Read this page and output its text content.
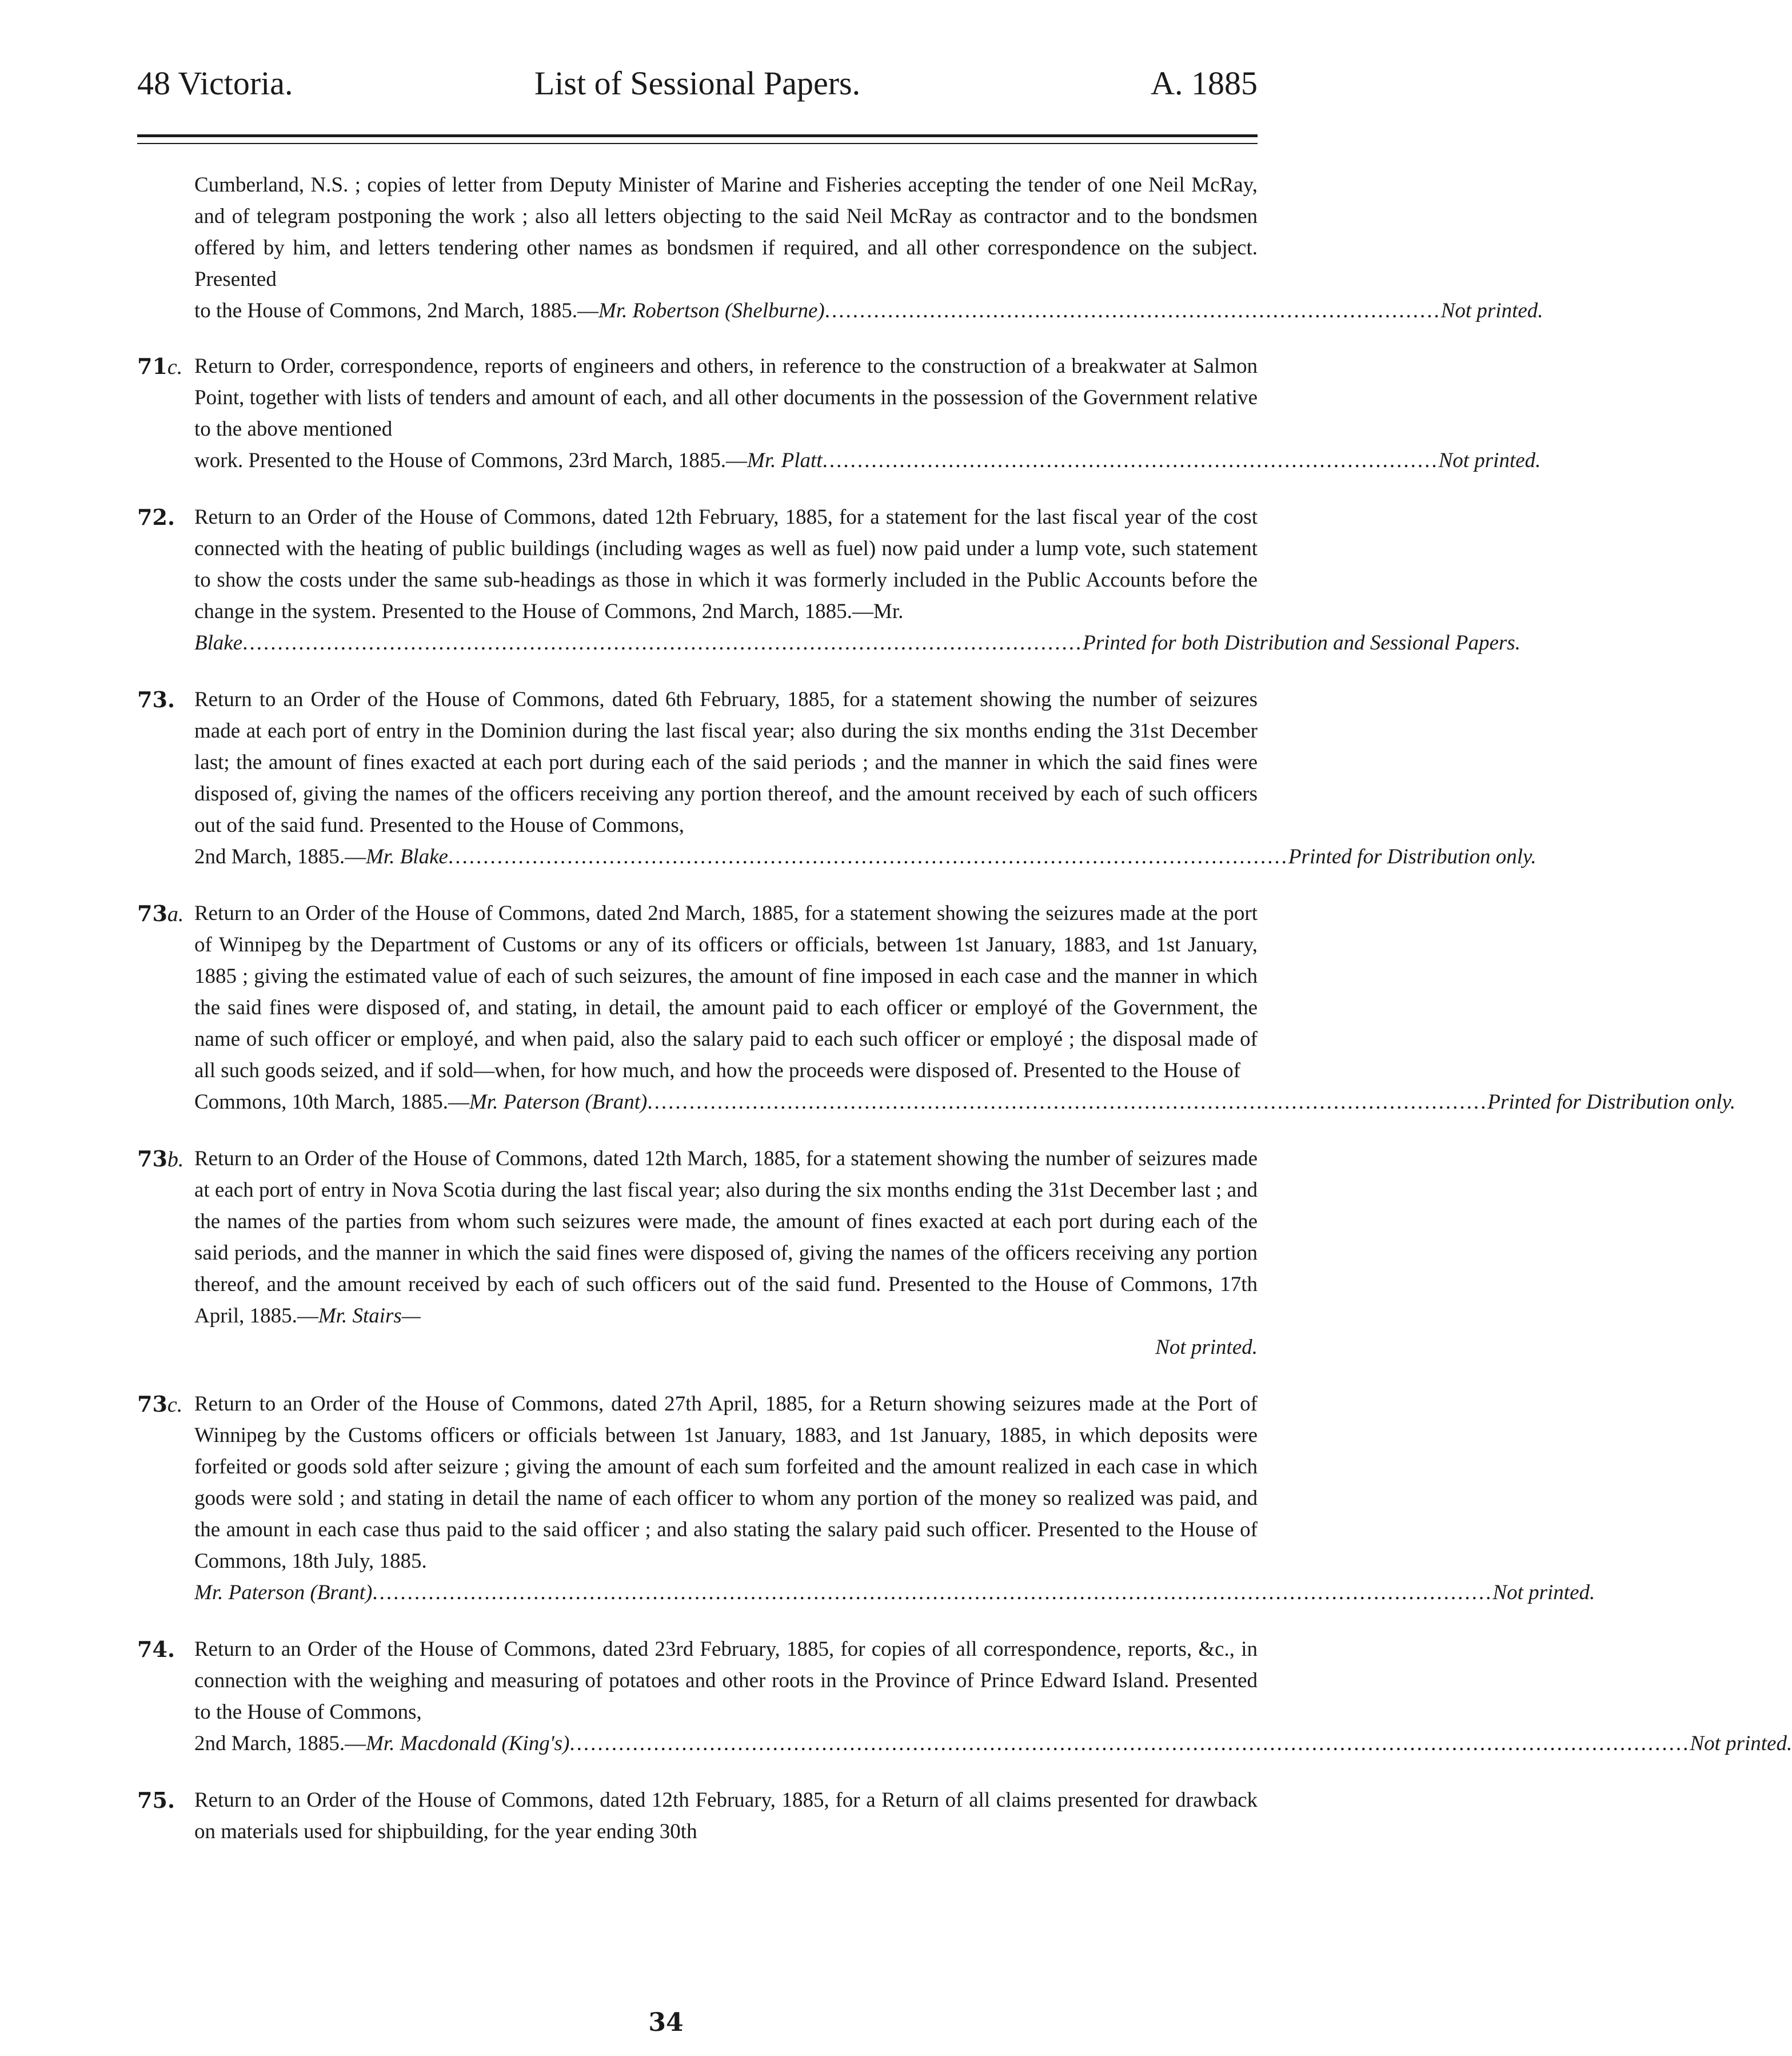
48 Victoria.	List of Sessional Papers.	A. 1885
Cumberland, N.S. ; copies of letter from Deputy Minister of Marine and Fisheries accepting the tender of one Neil McRay, and of telegram postponing the work ; also all letters objecting to the said Neil McRay as contractor and to the bondsmen offered by him, and letters tendering other names as bondsmen if required, and all other correspondence on the subject. Presented
to the House of Commons, 2nd March, 1885.— Mr. Robertson (Shelburne) ........................................................................................ Not printed.
71c. Return to Order, correspondence, reports of engineers and others, in reference to the construction of a breakwater at Salmon Point, together with lists of tenders and amount of each, and all other documents in the possession of the Government relative to the above mentioned
work. Presented to the House of Commons, 23rd March, 1885.— Mr. Platt ........................................................................................ Not printed.
72. Return to an Order of the House of Commons, dated 12th February, 1885, for a statement for the last fiscal year of the cost connected with the heating of public buildings (including wages as well as fuel) now paid under a lump vote, such statement to show the costs under the same sub-headings as those in which it was formerly included in the Public Accounts before the change in the system. Presented to the House of Commons, 2nd March, 1885.—Mr.
Blake ........................................................................................................................ Printed for both Distribution and Sessional Papers.
73. Return to an Order of the House of Commons, dated 6th February, 1885, for a statement showing the number of seizures made at each port of entry in the Dominion during the last fiscal year; also during the six months ending the 31st December last; the amount of fines exacted at each port during each of the said periods ; and the manner in which the said fines were disposed of, giving the names of the officers receiving any portion thereof, and the amount received by each of such officers out of the said fund. Presented to the House of Commons,
2nd March, 1885.— Mr. Blake ........................................................................................................................ Printed for Distribution only.
73a. Return to an Order of the House of Commons, dated 2nd March, 1885, for a statement showing the seizures made at the port of Winnipeg by the Department of Customs or any of its officers or officials, between 1st January, 1883, and 1st January, 1885 ; giving the estimated value of each of such seizures, the amount of fine imposed in each case and the manner in which the said fines were disposed of, and stating, in detail, the amount paid to each officer or employé of the Government, the name of such officer or employé, and when paid, also the salary paid to each such officer or employé ; the disposal made of all such goods seized, and if sold—when, for how much, and how the proceeds were disposed of. Presented to the House of
Commons, 10th March, 1885.— Mr. Paterson (Brant) ........................................................................................................................ Printed for Distribution only.
73b. Return to an Order of the House of Commons, dated 12th March, 1885, for a statement showing the number of seizures made at each port of entry in Nova Scotia during the last fiscal year; also during the six months ending the 31st December last ; and the names of the parties from whom such seizures were made, the amount of fines exacted at each port during each of the said periods, and the manner in which the said fines were disposed of, giving the names of the officers receiving any portion thereof, and the amount received by each of such officers out of the said fund. Presented to the House of Commons, 17th April, 1885.—Mr. Stairs—
Not printed.
73c. Return to an Order of the House of Commons, dated 27th April, 1885, for a Return showing seizures made at the Port of Winnipeg by the Customs officers or officials between 1st January, 1883, and 1st January, 1885, in which deposits were forfeited or goods sold after seizure ; giving the amount of each sum forfeited and the amount realized in each case in which goods were sold ; and stating in detail the name of each officer to whom any portion of the money so realized was paid, and the amount in each case thus paid to the said officer ; and also stating the salary paid such officer. Presented to the House of Commons, 18th July, 1885.
Mr. Paterson (Brant) ................................................................................................................................................................ Not printed.
74. Return to an Order of the House of Commons, dated 23rd February, 1885, for copies of all correspondence, reports, &c., in connection with the weighing and measuring of potatoes and other roots in the Province of Prince Edward Island. Presented to the House of Commons,
2nd March, 1885.— Mr. Macdonald (King's) ................................................................................................................................................................ Not printed.
75. Return to an Order of the House of Commons, dated 12th February, 1885, for a Return of all claims presented for drawback on materials used for shipbuilding, for the year ending 30th
34
